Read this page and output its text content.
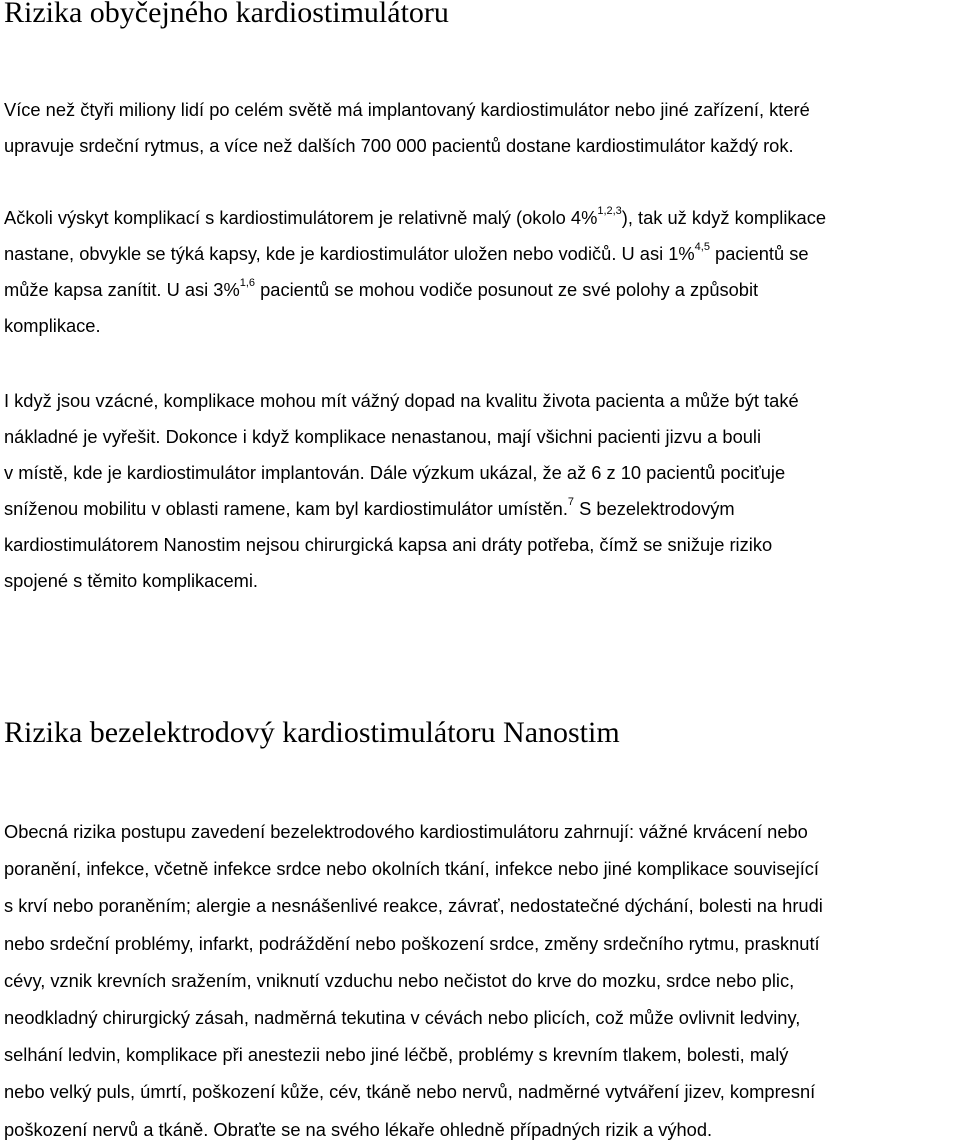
Rizika obyčejného kardiostimulátoru
Více než čtyři miliony lidí po celém světě má implantovaný kardiostimulátor nebo jiné zařízení, které
upravuje srdeční rytmus, a více než dalších 700 000 pacientů dostane kardiostimulátor každý rok.
Ačkoli výskyt komplikací s kardiostimulátorem je relativně malý (okolo 4%$^{1,2,3}$), tak už když komplikace
nastane, obvykle se týká kapsy, kde je kardiostimulátor uložen nebo vodičů. U asi 1%$^{4,5}$ pacientů se
může kapsa zanítit. U asi 3%$^{1,6}$ pacientů se mohou vodiče posunout ze své polohy a způsobit
komplikace.
I když jsou vzácné, komplikace mohou mít vážný dopad na kvalitu života pacienta a může být také
nákladné je vyřešit. Dokonce i když komplikace nenastanou, mají všichni pacienti jizvu a bouli
v místě, kde je kardiostimulátor implantován. Dále výzkum ukázal, že až 6 z 10 pacientů pociťuje
sníženou mobilitu v oblasti ramene, kam byl kardiostimulátor umístěn.$^7$ S bezelektrodovým
kardiostimulátorem Nanostim nejsou chirurgická kapsa ani dráty potřeba, čímž se snižuje riziko
spojené s těmito komplikacemi.
Rizika bezelektrodový kardiostimulátoru Nanostim
Obecná rizika postupu zavedení bezelektrodového kardiostimulátoru zahrnují: vážné krvácení nebo
poranění, infekce, včetně infekce srdce nebo okolních tkání, infekce nebo jiné komplikace související
s krví nebo poraněním; alergie a nesnášenlivé reakce, závrať, nedostatečné dýchání, bolesti na hrudi
nebo srdeční problémy, infarkt, podráždění nebo poškození srdce, změny srdečního rytmu, prasknutí
cévy, vznik krevních sražením, vniknutí vzduchu nebo nečistot do krve do mozku, srdce nebo plic,
neodkladný chirurgický zásah, nadměrná tekutina v cévách nebo plicích, což může ovlivnit ledviny,
selhání ledvin, komplikace při anestezii nebo jiné léčbě, problémy s krevním tlakem, bolesti, malý
nebo velký puls, úmrtí, poškození kůže, cév, tkáně nebo nervů, nadměrné vytváření jizev, kompresní
poškození nervů a tkáně. Obraťte se na svého lékaře ohledně případných rizik a výhod.
